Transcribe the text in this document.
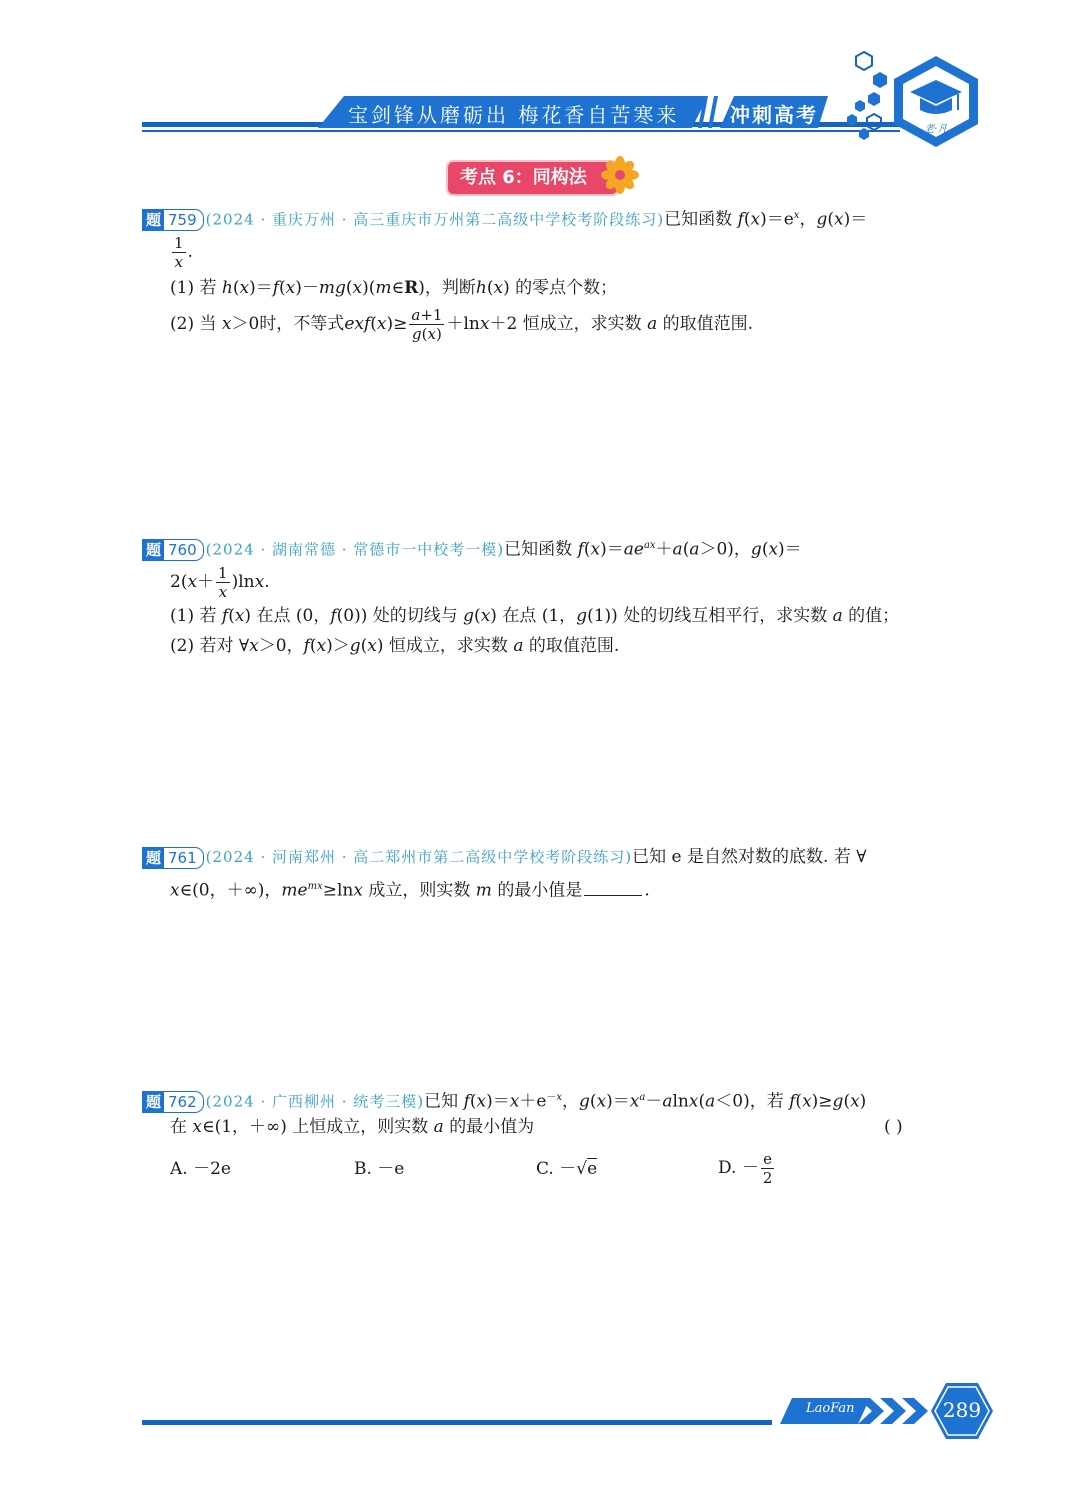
宝剑锋从磨砺出 梅花香自苦寒来	冲刺高考
老·凡
考点 6：同构法
题 759 (2024 · 重庆万州 · 高三重庆市万州第二高级中学校考阶段练习)已知函数 $f(x)=e^x$，g(x)＝
$\frac{1}{x}$ .
(1) 若 h(x)＝f(x)－mg(x)(m∈R)，判断h(x) 的零点个数；
(2) 当 x＞0时，不等式$exf(x)\ge \frac{a+1}{g(x)} +\ln x+2$ 恒成立，求实数 a 的取值范围.
题 760 (2024 · 湖南常德 · 常德市一中校考一模)已知函数 $f(x)=ae^{ax}+a(a>0)$，g(x)＝
$2(x+ \frac{1}{x} )\ln x$.
(1) 若 f(x) 在点 (0，f(0)) 处的切线与 g(x) 在点 (1，g(1)) 处的切线互相平行，求实数 a 的值；
(2) 若对 ∀x＞0，f(x)＞g(x) 恒成立，求实数 a 的取值范围.
题 761 (2024 · 河南郑州 · 高二郑州市第二高级中学校考阶段练习)已知 e 是自然对数的底数. 若 ∀
x∈(0，＋∞)，$me^{mx}\ge\ln x$ 成立，则实数 m 的最小值是	.
题 762 (2024 · 广西柳州 · 统考三模)已知 $f(x)=x+e^{-x}$，$g(x)=x^a-alnx(a<0)$，若 f(x)≥g(x)
在 x∈(1，＋∞) 上恒成立，则实数 a 的最小值为	( )
A. －2e	B. －e	C. －√e	D. － $\frac{e}{2}$
LaoFan	289
